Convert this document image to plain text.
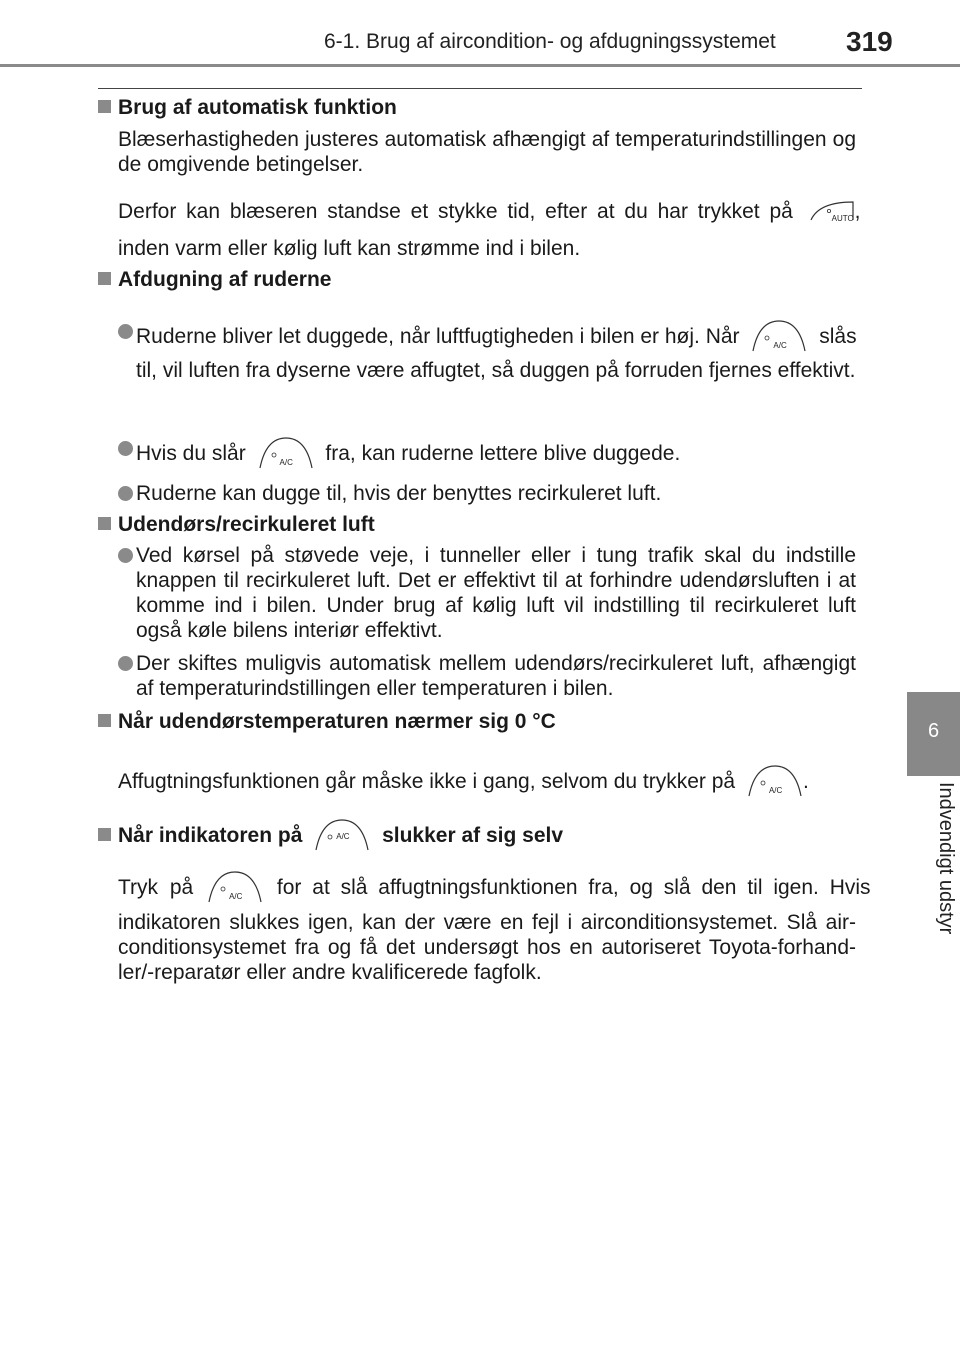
6-1. Brug af aircondition- og afdugningssystemet	319
6
Indvendigt udstyr
Brug af automatisk funktion
Blæserhastigheden justeres automatisk afhængigt af temperaturindstillingen og de omgivende betingelser.
Derfor kan blæseren standse et stykke tid, efter at du har trykket på	AUTO ,
inden varm eller kølig luft kan strømme ind i bilen.
Afdugning af ruderne
Ruderne bliver let duggede, når luftfugtigheden i bilen er høj. Når	A/C slås
til, vil luften fra dyserne være affugtet, så duggen på forruden fjernes effektivt.
Hvis du slår	A/C fra, kan ruderne lettere blive duggede.
Ruderne kan dugge til, hvis der benyttes recirkuleret luft.
Udendørs/recirkuleret luft
Ved kørsel på støvede veje, i tunneller eller i tung trafik skal du indstille knappen til recirkuleret luft. Det er effektivt til at forhindre udendørsluften i at komme ind i bilen. Under brug af kølig luft vil indstilling til recirkuleret luft også køle bilens interiør effektivt.
Der skiftes muligvis automatisk mellem udendørs/recirkuleret luft, afhængigt af temperaturindstillingen eller temperaturen i bilen.
Når udendørstemperaturen nærmer sig 0 °C
Affugtningsfunktionen går måske ikke i gang, selvom du trykker på	A/C .
Når indikatoren på	A/C slukker af sig selv
Tryk på	A/C for at slå affugtningsfunktionen fra, og slå den til igen. Hvis
indikatoren slukkes igen, kan der være en fejl i airconditionsystemet. Slå airconditionsystemet fra og få det undersøgt hos en autoriseret Toyota-forhandler/-reparatør eller andre kvalificerede fagfolk.
